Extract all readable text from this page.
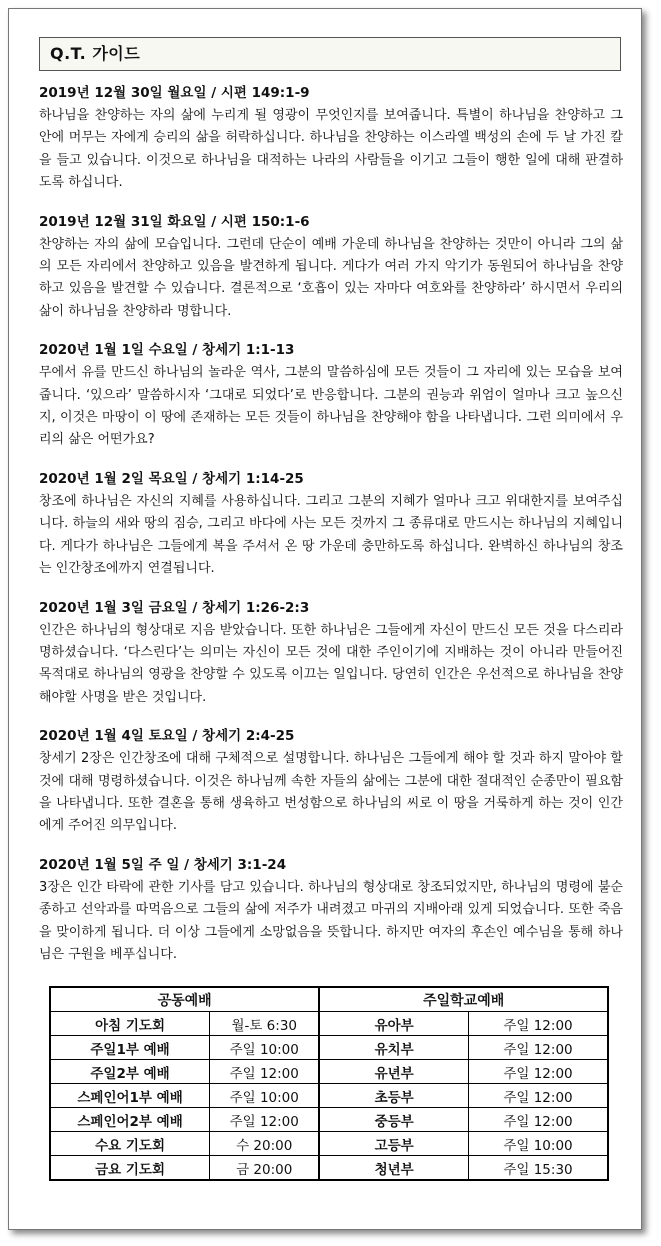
Q.T. 가이드
2019년 12월 30일 월요일 / 시편 149:1-9
하나님을 찬양하는 자의 삶에 누리게 될 영광이 무엇인지를 보여줍니다. 특별이 하나님을 찬양하고 그 안에 머무는 자에게 승리의 삶을 허락하십니다. 하나님을 찬양하는 이스라엘 백성의 손에 두 날 가진 칼을 들고 있습니다. 이것으로 하나님을 대적하는 나라의 사람들을 이기고 그들이 행한 일에 대해 판결하도록 하십니다.
2019년 12월 31일 화요일 / 시편 150:1-6
찬양하는 자의 삶에 모습입니다. 그런데 단순이 예배 가운데 하나님을 찬양하는 것만이 아니라 그의 삶의 모든 자리에서 찬양하고 있음을 발견하게 됩니다. 게다가 여러 가지 악기가 동원되어 하나님을 찬양하고 있음을 발견할 수 있습니다. 결론적으로 ‘호흡이 있는 자마다 여호와를 찬양하라’ 하시면서 우리의 삶이 하나님을 찬양하라 명합니다.
2020년 1월 1일 수요일 / 창세기 1:1-13
무에서 유를 만드신 하나님의 놀라운 역사, 그분의 말씀하심에 모든 것들이 그 자리에 있는 모습을 보여줍니다. ‘있으라’ 말씀하시자 ‘그대로 되었다’로 반응합니다. 그분의 권능과 위엄이 얼마나 크고 높으신지, 이것은 마땅이 이 땅에 존재하는 모든 것들이 하나님을 찬양해야 함을 나타냅니다. 그런 의미에서 우리의 삶은 어떤가요?
2020년 1월 2일 목요일 / 창세기 1:14-25
창조에 하나님은 자신의 지혜를 사용하십니다. 그리고 그분의 지혜가 얼마나 크고 위대한지를 보여주십니다. 하늘의 새와 땅의 짐승, 그리고 바다에 사는 모든 것까지 그 종류대로 만드시는 하나님의 지혜입니다. 게다가 하나님은 그들에게 복을 주셔서 온 땅 가운데 충만하도록 하십니다. 완벽하신 하나님의 창조는 인간창조에까지 연결됩니다.
2020년 1월 3일 금요일 / 창세기 1:26-2:3
인간은 하나님의 형상대로 지음 받았습니다. 또한 하나님은 그들에게 자신이 만드신 모든 것을 다스리라 명하셨습니다. ‘다스린다’는 의미는 자신이 모든 것에 대한 주인이기에 지배하는 것이 아니라 만들어진 목적대로 하나님의 영광을 찬양할 수 있도록 이끄는 일입니다. 당연히 인간은 우선적으로 하나님을 찬양해야할 사명을 받은 것입니다.
2020년 1월 4일 토요일 / 창세기 2:4-25
창세기 2장은 인간창조에 대해 구체적으로 설명합니다. 하나님은 그들에게 해야 할 것과 하지 말아야 할 것에 대해 명령하셨습니다. 이것은 하나님께 속한 자들의 삶에는 그분에 대한 절대적인 순종만이 필요함을 나타냅니다. 또한 결혼을 통해 생육하고 번성함으로 하나님의 씨로 이 땅을 거룩하게 하는 것이 인간에게 주어진 의무입니다.
2020년 1월 5일 주 일 / 창세기 3:1-24
3장은 인간 타락에 관한 기사를 담고 있습니다. 하나님의 형상대로 창조되었지만, 하나님의 명령에 불순종하고 선악과를 따먹음으로 그들의 삶에 저주가 내려졌고 마귀의 지배아래 있게 되었습니다. 또한 죽음을 맞이하게 됩니다. 더 이상 그들에게 소망없음을 뜻합니다. 하지만 여자의 후손인 예수님을 통해 하나님은 구원을 베푸십니다.
공동예배		주일학교예배	
아침 기도회	월-토 6:30	유아부	주일 12:00
주일1부 예배	주일 10:00	유치부	주일 12:00
주일2부 예배	주일 12:00	유년부	주일 12:00
스페인어1부 예배	주일 10:00	초등부	주일 12:00
스페인어2부 예배	주일 12:00	중등부	주일 12:00
수요 기도회	수 20:00	고등부	주일 10:00
금요 기도회	금 20:00	청년부	주일 15:30
